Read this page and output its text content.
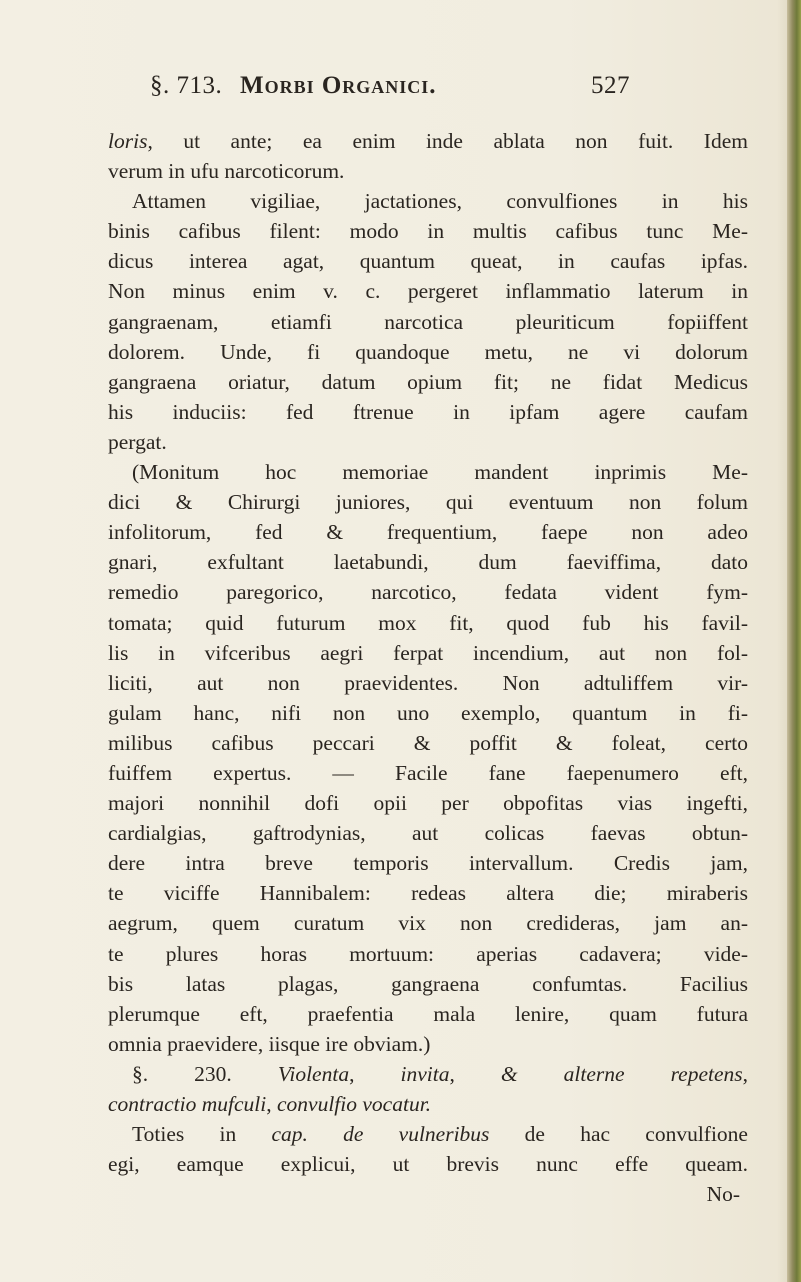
§. 713. Morbi Organici.	527
loris, ut ante; ea enim inde ablata non fuit. Idem
verum in ufu narcoticorum.
Attamen vigiliae, jactationes, convulfiones in his
binis cafibus filent: modo in multis cafibus tunc Me-
dicus interea agat, quantum queat, in caufas ipfas.
Non minus enim v. c. pergeret inflammatio laterum in
gangraenam, etiamfi narcotica pleuriticum fopiiffent
dolorem. Unde, fi quandoque metu, ne vi dolorum
gangraena oriatur, datum opium fit; ne fidat Medicus
his induciis: fed ftrenue in ipfam agere caufam
pergat.
(Monitum hoc memoriae mandent inprimis Me-
dici & Chirurgi juniores, qui eventuum non folum
infolitorum, fed & frequentium, faepe non adeo
gnari, exfultant laetabundi, dum faeviffima, dato
remedio paregorico, narcotico, fedata vident fym-
tomata; quid futurum mox fit, quod fub his favil-
lis in vifceribus aegri ferpat incendium, aut non fol-
liciti, aut non praevidentes. Non adtuliffem vir-
gulam hanc, nifi non uno exemplo, quantum in fi-
milibus cafibus peccari & poffit & foleat, certo
fuiffem expertus. — Facile fane faepenumero eft,
majori nonnihil dofi opii per obpofitas vias ingefti,
cardialgias, gaftrodynias, aut colicas faevas obtun-
dere intra breve temporis intervallum. Credis jam,
te viciffe Hannibalem: redeas altera die; miraberis
aegrum, quem curatum vix non credideras, jam an-
te plures horas mortuum: aperias cadavera; vide-
bis latas plagas, gangraena confumtas. Facilius
plerumque eft, praefentia mala lenire, quam futura
omnia praevidere, iisque ire obviam.)
§. 230. Violenta, invita, & alterne repetens,
contractio mufculi, convulfio vocatur.
Toties in cap. de vulneribus de hac convulfione
egi, eamque explicui, ut brevis nunc effe queam.
No-
